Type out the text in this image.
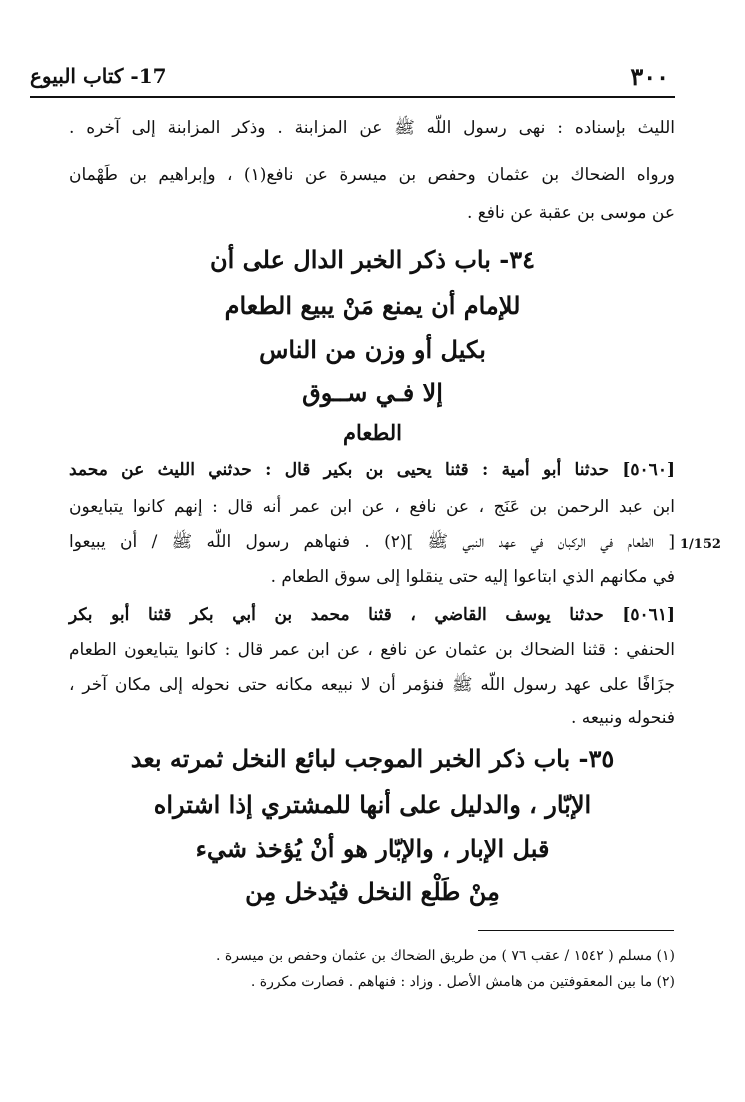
٣٠٠
17- كتاب البيوع
الليث بإسناده : نهى رسول اللّه ﷺ عن المزابنة . وذكر المزابنة إلى آخره .
ورواه الضحاك بن عثمان وحفص بن ميسرة عن نافع(١) ، وإبراهيم بن طَهْمان
عن موسى بن عقبة عن نافع .
٣٤- باب ذكر الخبر الدال على أن
للإمام أن يمنع مَنْ يبيع الطعام
بكيل أو وزن من الناس
إلا فـي ســوق
الطعام
[٥٠٦٠] حدثنا أبو أمية : قثنا يحيى بن بكير قال : حدثني الليث عن محمد
ابن عبد الرحمن بن عَنَج ، عن نافع ، عن ابن عمر أنه قال : إنهم كانوا يتبايعون
[ الطعام في الركبان في عهد النبي ﷺ ](٢) . فنهاهم رسول اللّه ﷺ / أن يبيعوا 1/152
في مكانهم الذي ابتاعوا إليه حتى ينقلوا إلى سوق الطعام .
[٥٠٦١] حدثنا يوسف القاضي ، قثنا محمد بن أبي بكر قثنا أبو بكر
الحنفي : قثنا الضحاك بن عثمان عن نافع ، عن ابن عمر قال : كانوا يتبايعون الطعام
جزَافًا على عهد رسول اللّه ﷺ فنؤمر أن لا نبيعه مكانه حتى نحوله إلى مكان آخر ،
فنحوله ونبيعه .
٣٥- باب ذكر الخبر الموجب لبائع النخل ثمرته بعد
الإبّار ، والدليل على أنها للمشتري إذا اشتراه
قبل الإبار ، والإبّار هو أنْ يُؤخذ شيء
مِنْ طَلْع النخل فيُدخل مِن
(١) مسلم ( ١٥٤٢ / عقب ٧٦ ) من طريق الضحاك بن عثمان وحفص بن ميسرة .
(٢) ما بين المعقوفتين من هامش الأصل . وزاد : فنهاهم . فصارت مكررة .
